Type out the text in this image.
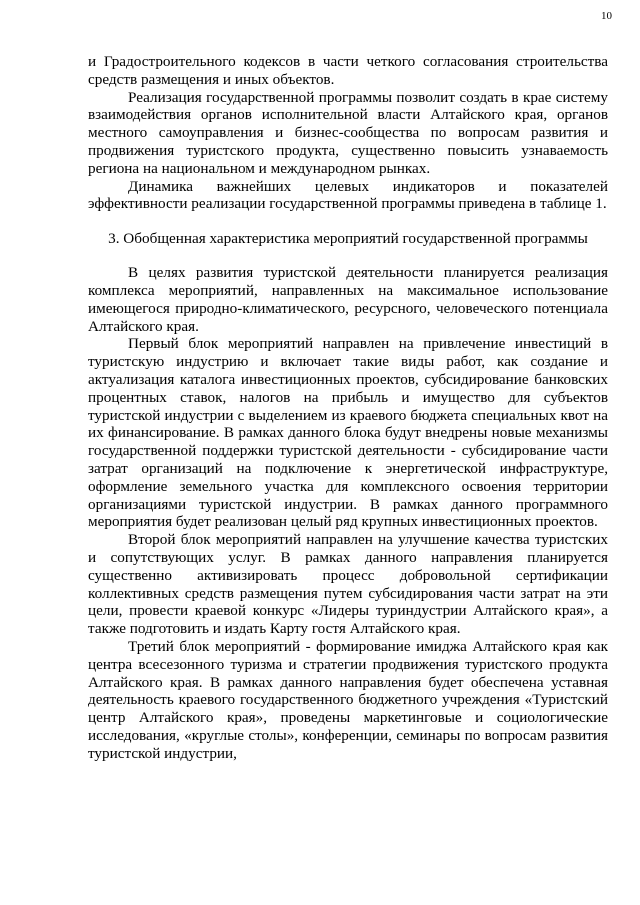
10

и Градостроительного кодексов в части четкого согласования строительства средств размещения и иных объектов.

Реализация государственной программы позволит создать в крае систему взаимодействия органов исполнительной власти Алтайского края, органов местного самоуправления и бизнес-сообщества по вопросам развития и продвижения туристского продукта, существенно повысить узнаваемость региона на национальном и международном рынках.

Динамика важнейших целевых индикаторов и показателей эффективности реализации государственной программы приведена в таблице 1.

3. Обобщенная характеристика мероприятий государственной программы

В целях развития туристской деятельности планируется реализация комплекса мероприятий, направленных на максимальное использование имеющегося природно-климатического, ресурсного, человеческого потенциала Алтайского края.

Первый блок мероприятий направлен на привлечение инвестиций в туристскую индустрию и включает такие виды работ, как создание и актуализация каталога инвестиционных проектов, субсидирование банковских процентных ставок, налогов на прибыль и имущество для субъектов туристской индустрии с выделением из краевого бюджета специальных квот на их финансирование. В рамках данного блока будут внедрены новые механизмы государственной поддержки туристской деятельности - субсидирование части затрат организаций на подключение к энергетической инфраструктуре, оформление земельного участка для комплексного освоения территории организациями туристской индустрии. В рамках данного программного мероприятия будет реализован целый ряд крупных инвестиционных проектов.

Второй блок мероприятий направлен на улучшение качества туристских и сопутствующих услуг. В рамках данного направления планируется существенно активизировать процесс добровольной сертификации коллективных средств размещения путем субсидирования части затрат на эти цели, провести краевой конкурс «Лидеры туриндустрии Алтайского края», а также подготовить и издать Карту гостя Алтайского края.

Третий блок мероприятий - формирование имиджа Алтайского края как центра всесезонного туризма и стратегии продвижения туристского продукта Алтайского края. В рамках данного направления будет обеспечена уставная деятельность краевого государственного бюджетного учреждения «Туристский центр Алтайского края», проведены маркетинговые и социологические исследования, «круглые столы», конференции, семинары по вопросам развития туристской индустрии,
